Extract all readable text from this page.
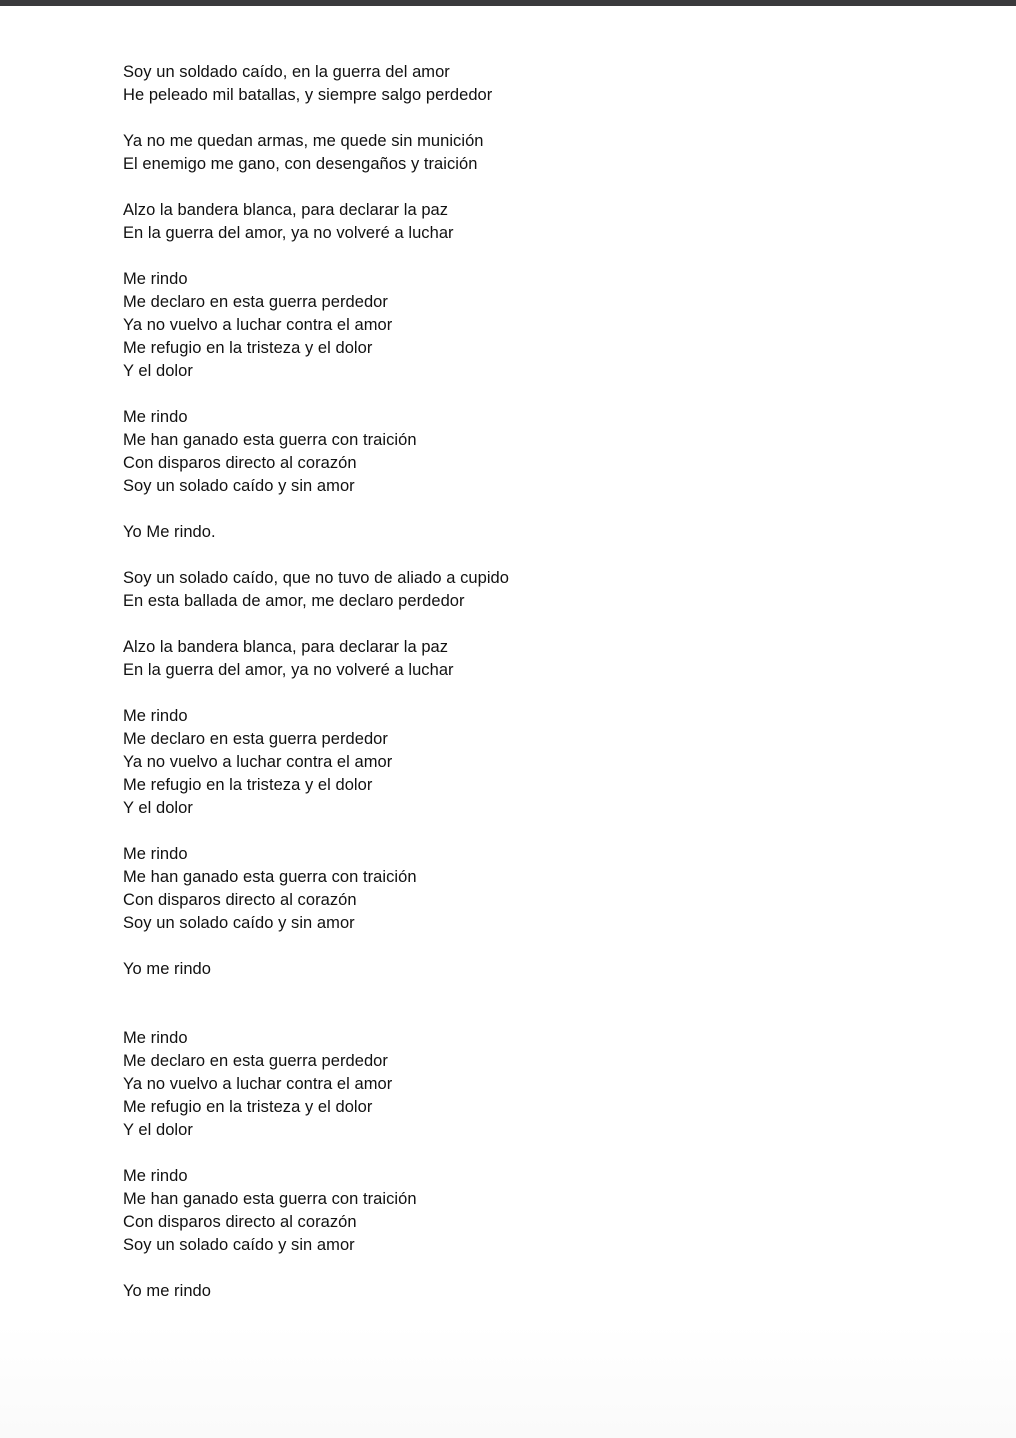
Soy un soldado caído, en la guerra del amor
He peleado mil batallas, y siempre salgo perdedor
Ya no me quedan armas, me quede sin munición
El enemigo me gano, con desengaños y traición
Alzo la bandera blanca, para declarar la paz
En la guerra del amor, ya no volveré a luchar
Me rindo
Me declaro en esta guerra perdedor
Ya no vuelvo a luchar contra el amor
Me refugio en la tristeza y el dolor
Y el dolor
Me rindo
Me han ganado esta guerra con traición
Con disparos directo al corazón
Soy un solado caído y sin amor
Yo Me rindo.
Soy un solado caído, que no tuvo de aliado a cupido
En esta ballada de amor, me declaro perdedor
Alzo la bandera blanca, para declarar la paz
En la guerra del amor, ya no volveré a luchar
Me rindo
Me declaro en esta guerra perdedor
Ya no vuelvo a luchar contra el amor
Me refugio en la tristeza y el dolor
Y el dolor
Me rindo
Me han ganado esta guerra con traición
Con disparos directo al corazón
Soy un solado caído y sin amor
Yo me rindo
Me rindo
Me declaro en esta guerra perdedor
Ya no vuelvo a luchar contra el amor
Me refugio en la tristeza y el dolor
Y el dolor
Me rindo
Me han ganado esta guerra con traición
Con disparos directo al corazón
Soy un solado caído y sin amor
Yo me rindo
